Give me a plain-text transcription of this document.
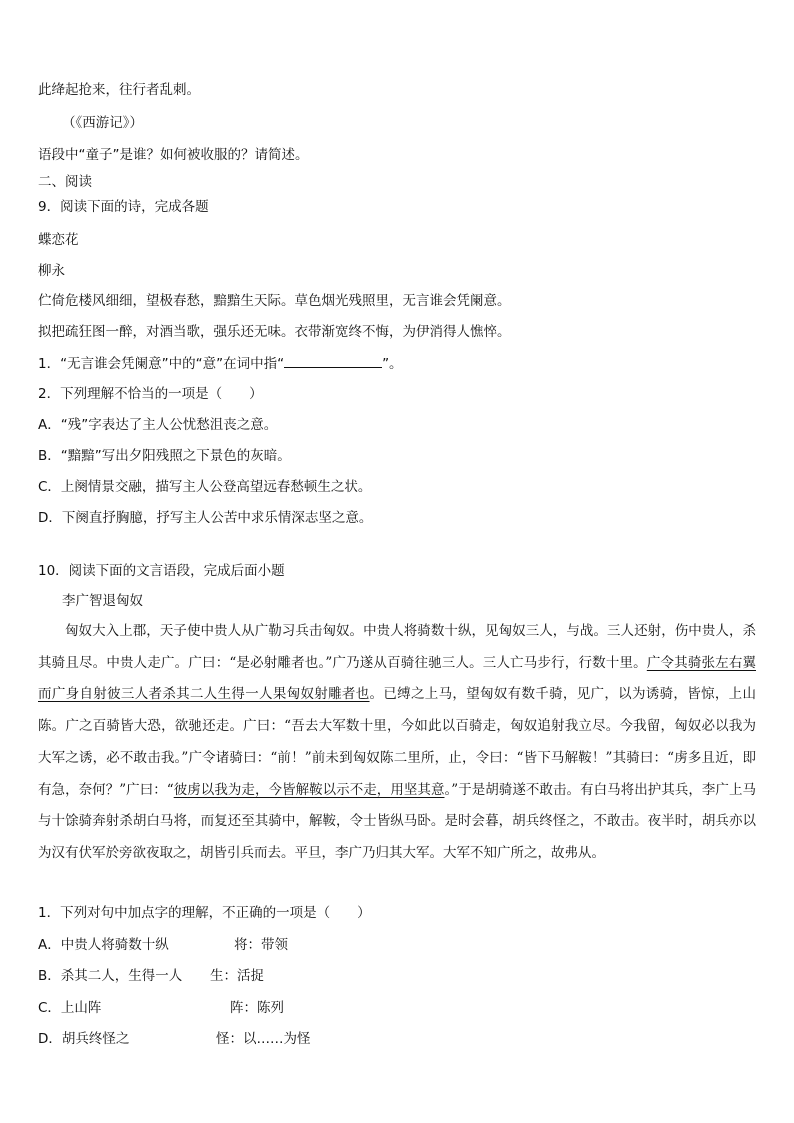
此绛起抢来，往行者乱刺。
（《西游记》）
语段中“童子”是谁？如何被收服的？请简述。
二、阅读
9．阅读下面的诗，完成各题
蝶恋花
柳永
伫倚危楼风细细，望极春愁，黯黯生天际。草色烟光残照里，无言谁会凭阑意。
拟把疏狂图一醉，对酒当歌，强乐还无味。衣带渐宽终不悔，为伊消得人憔悴。
1．“无言谁会凭阑意”中的“意”在词中指“	”。
2．下列理解不恰当的一项是（　　）
A．“残”字表达了主人公忧愁沮丧之意。
B．“黯黯”写出夕阳残照之下景色的灰暗。
C．上阕情景交融，描写主人公登高望远春愁顿生之状。
D．下阕直抒胸臆，抒写主人公苦中求乐情深志坚之意。
10．阅读下面的文言语段，完成后面小题
李广智退匈奴
匈奴大入上郡，天子使中贵人从广勒习兵击匈奴。中贵人将骑数十纵，见匈奴三人，与战。三人还射，伤中贵人，杀其骑且尽。中贵人走广。广曰：“是必射雕者也。”广乃遂从百骑往驰三人。三人亡马步行，行数十里。广令其骑张左右翼而广身自射彼三人者杀其二人生得一人果匈奴射雕者也。已缚之上马，望匈奴有数千骑，见广，以为诱骑，皆惊，上山陈。广之百骑皆大恐，欲驰还走。广曰：“吾去大军数十里，今如此以百骑走，匈奴追射我立尽。今我留，匈奴必以我为大军之诱，必不敢击我。”广令诸骑曰：“前！”前未到匈奴陈二里所，止，令曰：“皆下马解鞍！”其骑曰：“虏多且近，即有急，奈何？”广曰：“彼虏以我为走，今皆解鞍以示不走，用坚其意。”于是胡骑遂不敢击。有白马将出护其兵，李广上马与十馀骑奔射杀胡白马将，而复还至其骑中，解鞍，令士皆纵马卧。是时会暮，胡兵终怪之，不敢击。夜半时，胡兵亦以为汉有伏军於旁欲夜取之，胡皆引兵而去。平旦，李广乃归其大军。大军不知广所之，故弗从。
1．下列对句中加点字的理解，不正确的一项是（　　）
A．中贵人将骑数十纵	将：带领
B．杀其二人，生得一人 生：活捉
C．上山阵	阵：陈列
D．胡兵终怪之	怪：以……为怪
